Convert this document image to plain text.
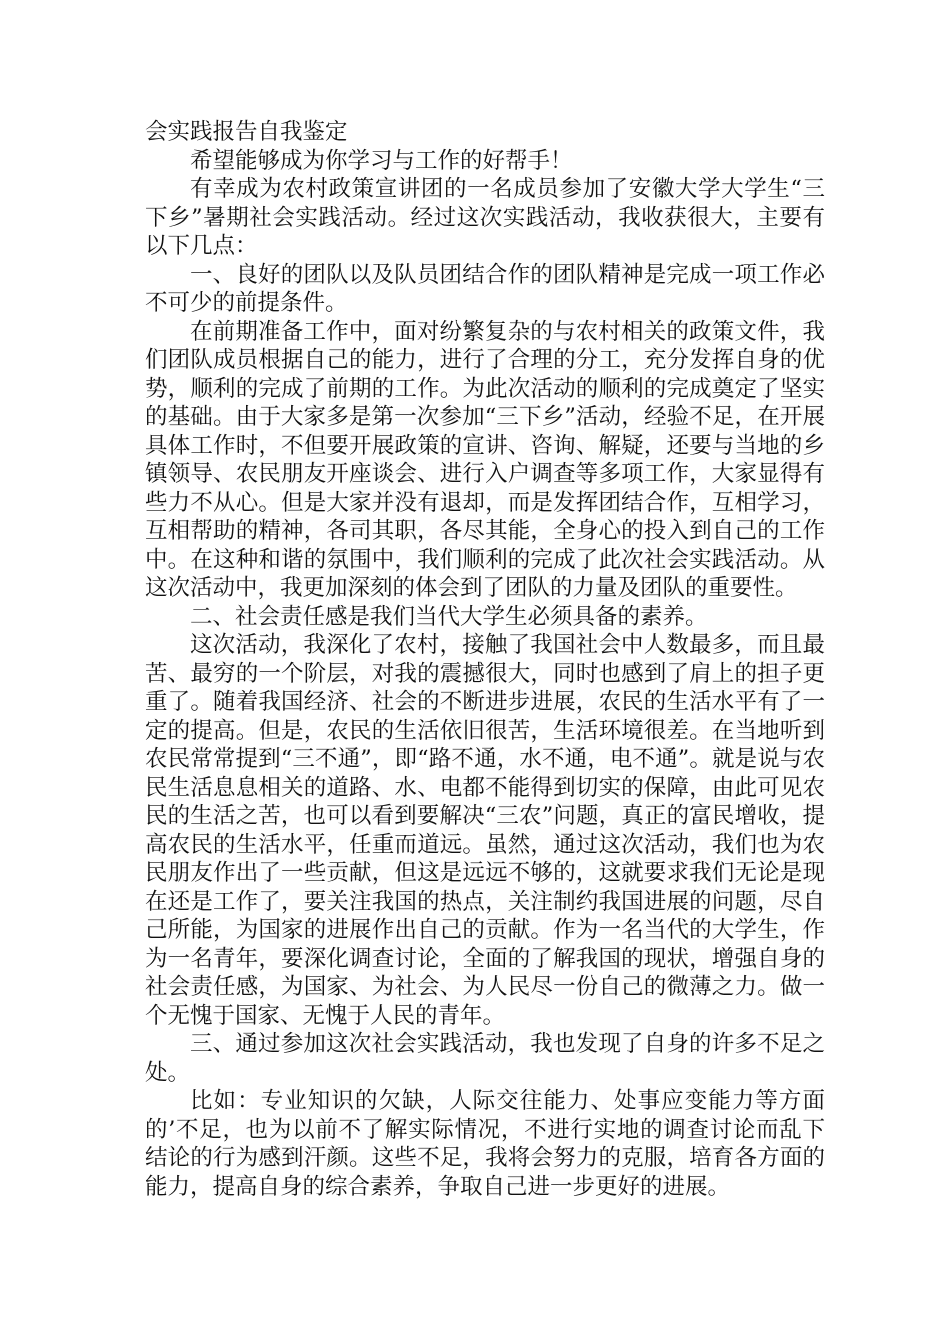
会实践报告自我鉴定

希望能够成为你学习与工作的好帮手！

有幸成为农村政策宣讲团的一名成员参加了安徽大学大学生“三下乡”暑期社会实践活动。经过这次实践活动，我收获很大，主要有以下几点：

一、良好的团队以及队员团结合作的团队精神是完成一项工作必不可少的前提条件。

在前期准备工作中，面对纷繁复杂的与农村相关的政策文件，我们团队成员根据自己的能力，进行了合理的分工，充分发挥自身的优势，顺利的完成了前期的工作。为此次活动的顺利的完成奠定了坚实的基础。由于大家多是第一次参加“三下乡”活动，经验不足，在开展具体工作时，不但要开展政策的宣讲、咨询、解疑，还要与当地的乡镇领导、农民朋友开座谈会、进行入户调查等多项工作，大家显得有些力不从心。但是大家并没有退却，而是发挥团结合作，互相学习，互相帮助的精神，各司其职，各尽其能，全身心的投入到自己的工作中。在这种和谐的氛围中，我们顺利的完成了此次社会实践活动。从这次活动中，我更加深刻的体会到了团队的力量及团队的重要性。

二、社会责任感是我们当代大学生必须具备的素养。

这次活动，我深化了农村，接触了我国社会中人数最多，而且最苦、最穷的一个阶层，对我的震撼很大，同时也感到了肩上的担子更重了。随着我国经济、社会的不断进步进展，农民的生活水平有了一定的提高。但是，农民的生活依旧很苦，生活环境很差。在当地听到农民常常提到“三不通”，即“路不通，水不通，电不通”。就是说与农民生活息息相关的道路、水、电都不能得到切实的保障，由此可见农民的生活之苦，也可以看到要解决“三农”问题，真正的富民增收，提高农民的生活水平，任重而道远。虽然，通过这次活动，我们也为农民朋友作出了一些贡献，但这是远远不够的，这就要求我们无论是现在还是工作了，要关注我国的热点，关注制约我国进展的问题，尽自己所能，为国家的进展作出自己的贡献。作为一名当代的大学生，作为一名青年，要深化调查讨论，全面的了解我国的现状，增强自身的社会责任感，为国家、为社会、为人民尽一份自己的微薄之力。做一个无愧于国家、无愧于人民的青年。

三、通过参加这次社会实践活动，我也发现了自身的许多不足之处。

比如：专业知识的欠缺，人际交往能力、处事应变能力等方面的’不足，也为以前不了解实际情况，不进行实地的调查讨论而乱下结论的行为感到汗颜。这些不足，我将会努力的克服，培育各方面的能力，提高自身的综合素养，争取自己进一步更好的进展。
